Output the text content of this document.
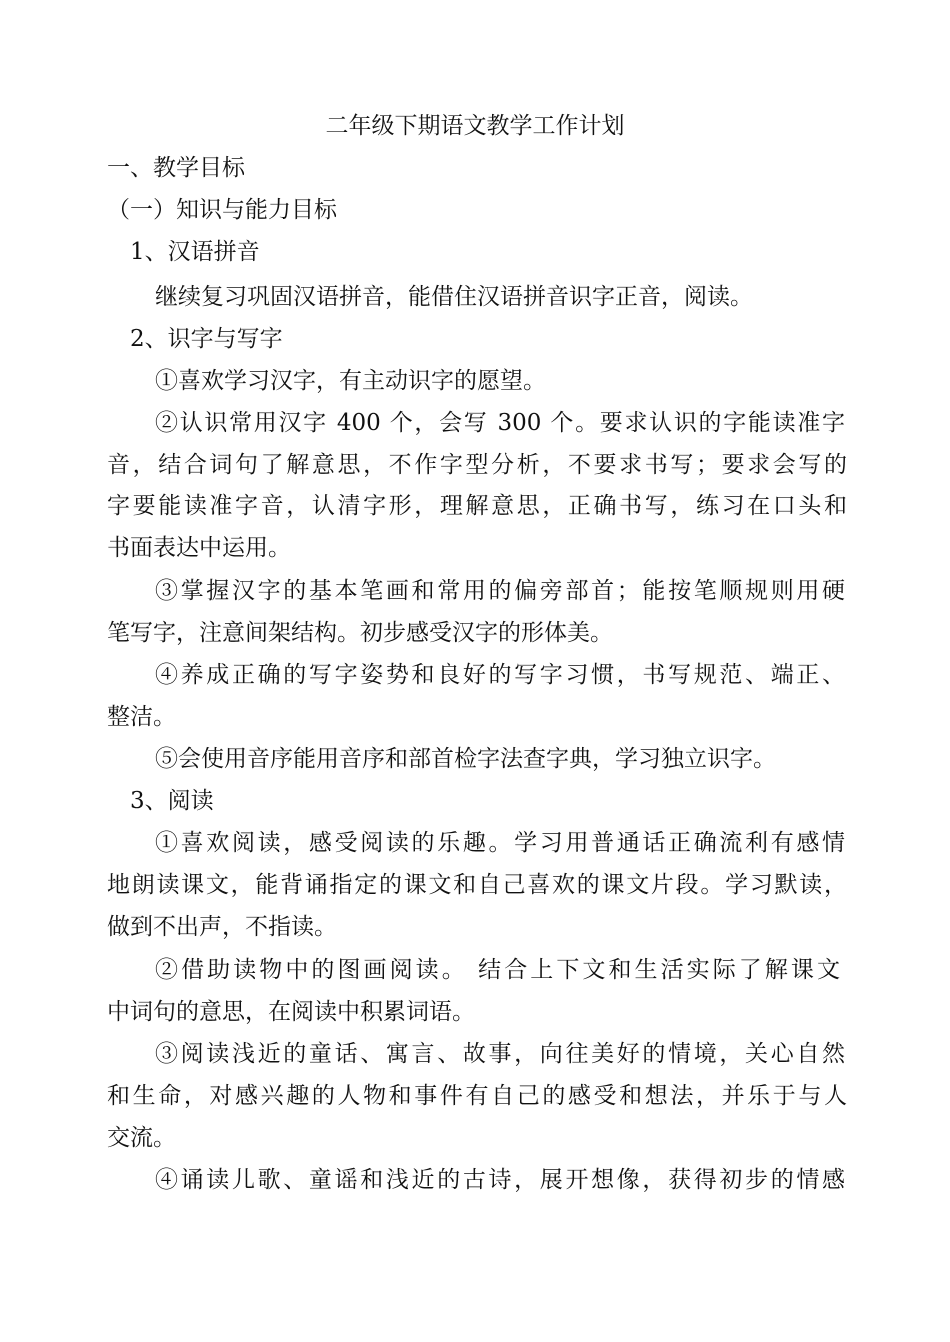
二年级下期语文教学工作计划
一、教学目标
（一）知识与能力目标
1、汉语拼音
继续复习巩固汉语拼音，能借住汉语拼音识字正音，阅读。
2、识字与写字
①喜欢学习汉字，有主动识字的愿望。
②认识常用汉字 400 个，会写 300 个。要求认识的字能读准字
音，结合词句了解意思，不作字型分析，不要求书写；要求会写的
字要能读准字音，认清字形，理解意思，正确书写，练习在口头和
书面表达中运用。
③掌握汉字的基本笔画和常用的偏旁部首；能按笔顺规则用硬
笔写字，注意间架结构。初步感受汉字的形体美。
④养成正确的写字姿势和良好的写字习惯，书写规范、端正、
整洁。
⑤会使用音序能用音序和部首检字法查字典，学习独立识字。
3、阅读
①喜欢阅读，感受阅读的乐趣。学习用普通话正确流利有感情
地朗读课文，能背诵指定的课文和自己喜欢的课文片段。学习默读，
做到不出声，不指读。
②借助读物中的图画阅读。 结合上下文和生活实际了解课文
中词句的意思，在阅读中积累词语。
③阅读浅近的童话、寓言、故事，向往美好的情境，关心自然
和生命，对感兴趣的人物和事件有自己的感受和想法，并乐于与人
交流。
④诵读儿歌、童谣和浅近的古诗，展开想像，获得初步的情感
